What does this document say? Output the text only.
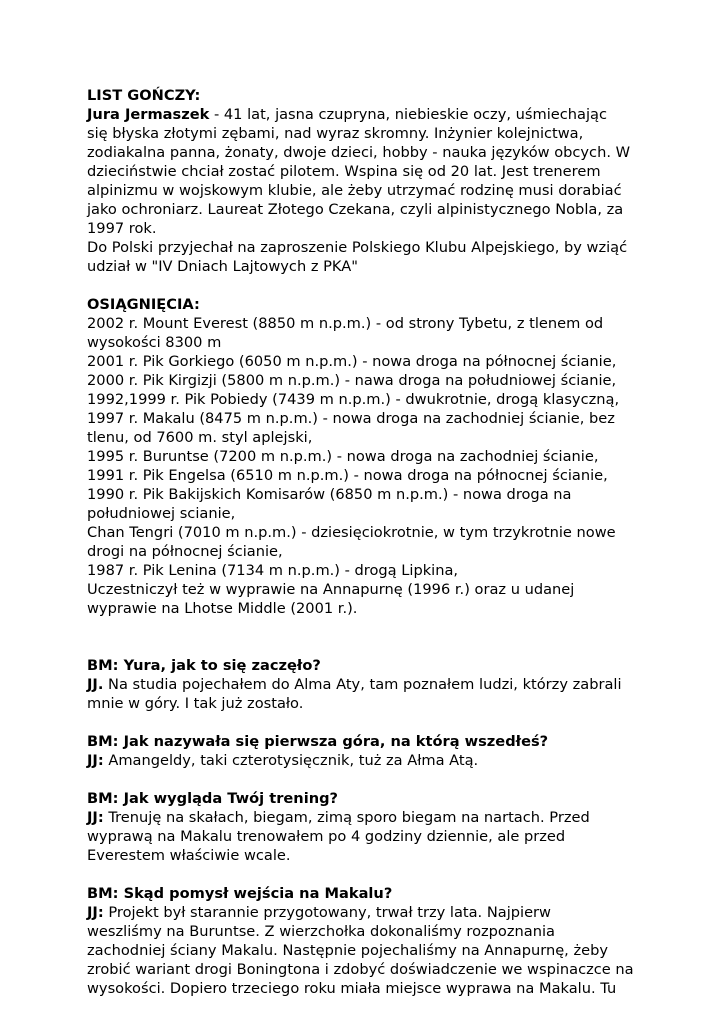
LIST GOŃCZY:
Jura Jermaszek - 41 lat, jasna czupryna, niebieskie oczy, uśmiechając
się błyska złotymi zębami, nad wyraz skromny. Inżynier kolejnictwa,
zodiakalna panna, żonaty, dwoje dzieci, hobby - nauka języków obcych. W
dzieciństwie chciał zostać pilotem. Wspina się od 20 lat. Jest trenerem
alpinizmu w wojskowym klubie, ale żeby utrzymać rodzinę musi dorabiać
jako ochroniarz. Laureat Złotego Czekana, czyli alpinistycznego Nobla, za
1997 rok.
Do Polski przyjechał na zaproszenie Polskiego Klubu Alpejskiego, by wziąć
udział w "IV Dniach Lajtowych z PKA"
OSIĄGNIĘCIA:
2002 r. Mount Everest (8850 m n.p.m.) - od strony Tybetu, z tlenem od
wysokości 8300 m
2001 r. Pik Gorkiego (6050 m n.p.m.) - nowa droga na północnej ścianie,
2000 r. Pik Kirgizji (5800 m n.p.m.) - nawa droga na południowej ścianie,
1992,1999 r. Pik Pobiedy (7439 m n.p.m.) - dwukrotnie, drogą klasyczną,
1997 r. Makalu (8475 m n.p.m.) - nowa droga na zachodniej ścianie, bez
tlenu, od 7600 m. styl aplejski,
1995 r. Buruntse (7200 m n.p.m.) - nowa droga na zachodniej ścianie,
1991 r. Pik Engelsa (6510 m n.p.m.) - nowa droga na północnej ścianie,
1990 r. Pik Bakijskich Komisarów (6850 m n.p.m.) - nowa droga na
południowej scianie,
Chan Tengri (7010 m n.p.m.) - dziesięciokrotnie, w tym trzykrotnie nowe
drogi na północnej ścianie,
1987 r. Pik Lenina (7134 m n.p.m.) - drogą Lipkina,
Uczestniczył też w wyprawie na Annapurnę (1996 r.) oraz u udanej
wyprawie na Lhotse Middle (2001 r.).
BM: Yura, jak to się zaczęło?
JJ. Na studia pojechałem do Alma Aty, tam poznałem ludzi, którzy zabrali
mnie w góry. I tak już zostało.
BM: Jak nazywała się pierwsza góra, na którą wszedłeś?
JJ: Amangeldy, taki czterotysięcznik, tuż za Ałma Atą.
BM: Jak wygląda Twój trening?
JJ: Trenuję na skałach, biegam, zimą sporo biegam na nartach. Przed
wyprawą na Makalu trenowałem po 4 godziny dziennie, ale przed
Everestem właściwie wcale.
BM: Skąd pomysł wejścia na Makalu?
JJ: Projekt był starannie przygotowany, trwał trzy lata. Najpierw
weszliśmy na Buruntse. Z wierzchołka dokonaliśmy rozpoznania
zachodniej ściany Makalu. Następnie pojechaliśmy na Annapurnę, żeby
zrobić wariant drogi Boningtona i zdobyć doświadczenie we wspinaczce na
wysokości. Dopiero trzeciego roku miała miejsce wyprawa na Makalu. Tu
